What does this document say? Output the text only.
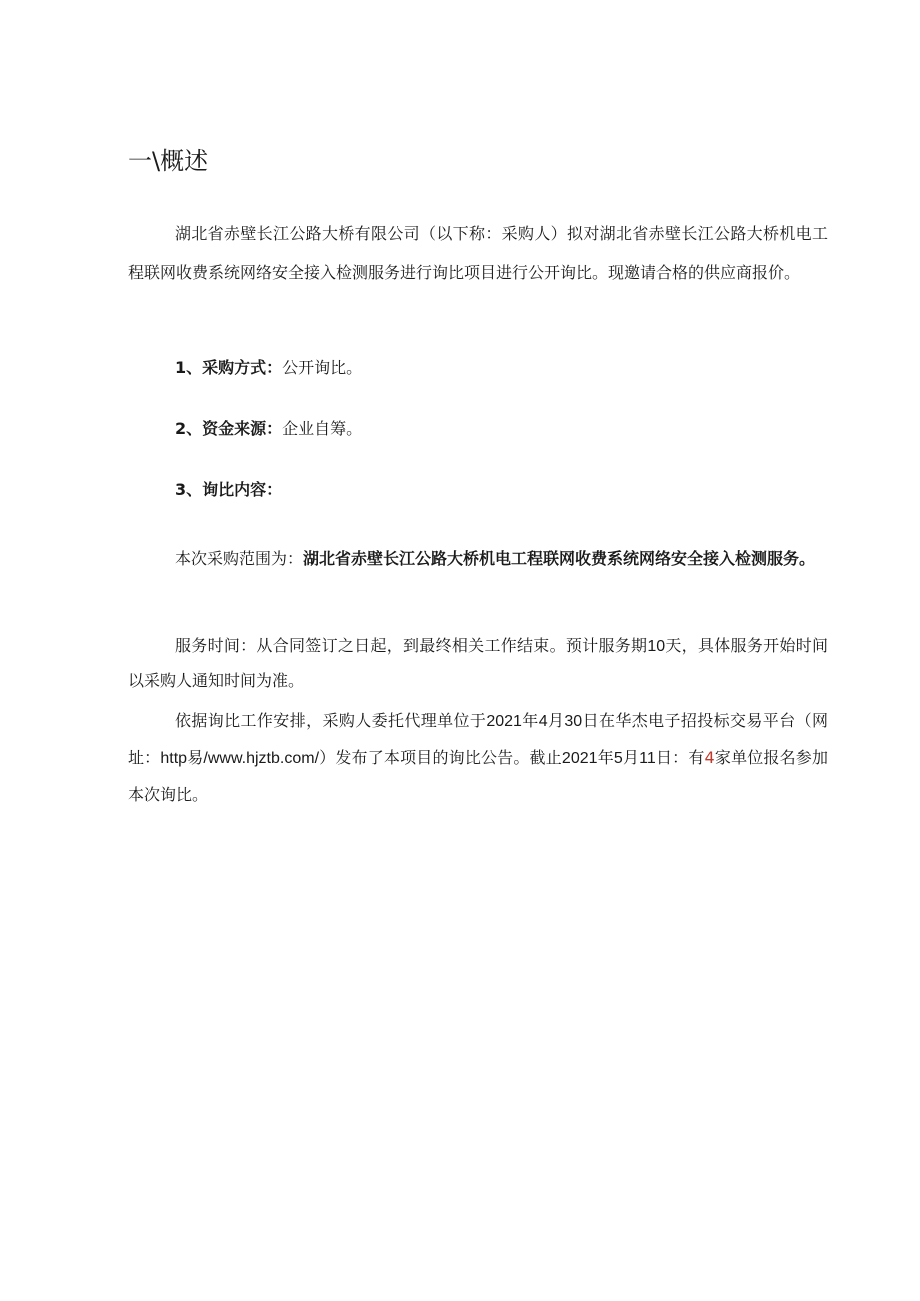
一\概述

湖北省赤壁长江公路大桥有限公司（以下称：采购人）拟对湖北省赤壁长江公路大桥机电工程联网收费系统网络安全接入检测服务进行询比项目进行公开询比。现邀请合格的供应商报价。

1、采购方式：公开询比。

2、资金来源：企业自筹。

3、询比内容：

本次采购范围为：湖北省赤壁长江公路大桥机电工程联网收费系统网络安全接入检测服务。

服务时间：从合同签订之日起，到最终相关工作结束。预计服务期10天，具体服务开始时间以采购人通知时间为准。

依据询比工作安排，采购人委托代理单位于2021年4月30日在华杰电子招投标交易平台（网址：http易/www.hjztb.com/）发布了本项目的询比公告。截止2021年5月11日：有4家单位报名参加本次询比。
